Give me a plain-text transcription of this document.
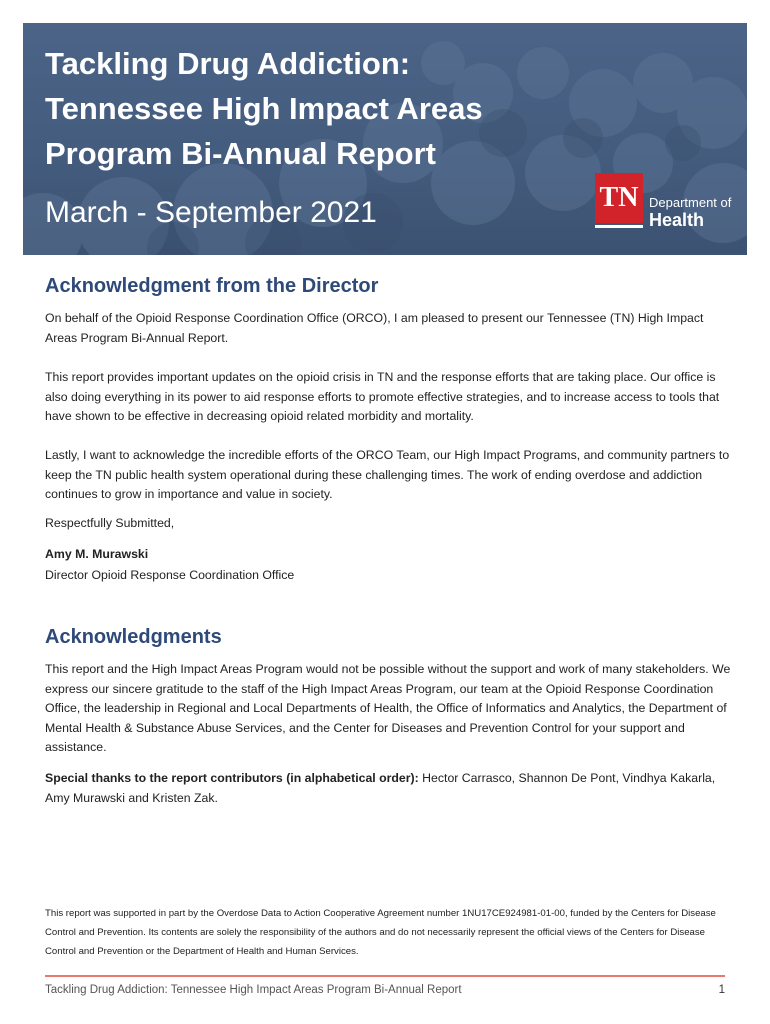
Tackling Drug Addiction:
Tennessee High Impact Areas
Program Bi-Annual Report
March - September 2021	TN Department of
Health
Acknowledgment from the Director

On behalf of the Opioid Response Coordination Office (ORCO), I am pleased to present our Tennessee (TN) High Impact Areas Program Bi-Annual Report.

This report provides important updates on the opioid crisis in TN and the response efforts that are taking place. Our office is also doing everything in its power to aid response efforts to promote effective strategies, and to increase access to tools that have shown to be effective in decreasing opioid related morbidity and mortality.

Lastly, I want to acknowledge the incredible efforts of the ORCO Team, our High Impact Programs, and community partners to keep the TN public health system operational during these challenging times. The work of ending overdose and addiction continues to grow in importance and value in society.

Respectfully Submitted,

Amy M. Murawski

Director Opioid Response Coordination Office

Acknowledgments

This report and the High Impact Areas Program would not be possible without the support and work of many stakeholders. We express our sincere gratitude to the staff of the High Impact Areas Program, our team at the Opioid Response Coordination Office, the leadership in Regional and Local Departments of Health, the Office of Informatics and Analytics, the Department of Mental Health & Substance Abuse Services, and the Center for Diseases and Prevention Control for your support and assistance.

Special thanks to the report contributors (in alphabetical order): Hector Carrasco, Shannon De Pont, Vindhya Kakarla, Amy Murawski and Kristen Zak.

This report was supported in part by the Overdose Data to Action Cooperative Agreement number 1NU17CE924981-01-00, funded by the Centers for Disease Control and Prevention. Its contents are solely the responsibility of the authors and do not necessarily represent the official views of the Centers for Disease Control and Prevention or the Department of Health and Human Services.

Tackling Drug Addiction: Tennessee High Impact Areas Program Bi-Annual Report	1
